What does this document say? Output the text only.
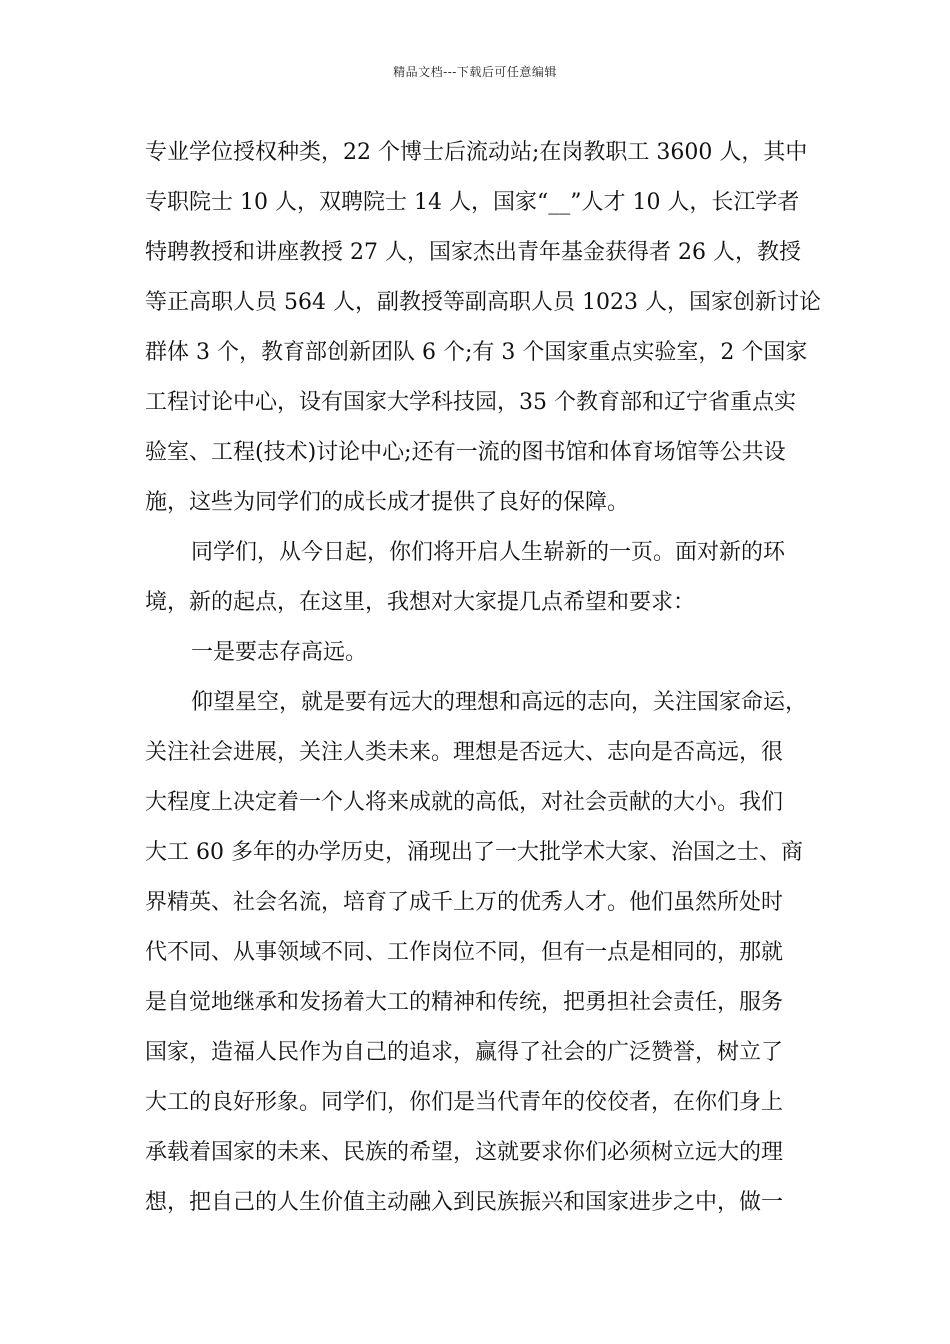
精品文档---下载后可任意编辑
专业学位授权种类，22 个博士后流动站;在岗教职工 3600 人，其中
专职院士 10 人，双聘院士 14 人，国家“__”人才 10 人，长江学者
特聘教授和讲座教授 27 人，国家杰出青年基金获得者 26 人，教授
等正高职人员 564 人，副教授等副高职人员 1023 人，国家创新讨论
群体 3 个，教育部创新团队 6 个;有 3 个国家重点实验室，2 个国家
工程讨论中心，设有国家大学科技园，35 个教育部和辽宁省重点实
验室、工程(技术)讨论中心;还有一流的图书馆和体育场馆等公共设
施，这些为同学们的成长成才提供了良好的保障。
同学们，从今日起，你们将开启人生崭新的一页。面对新的环
境，新的起点，在这里，我想对大家提几点希望和要求：
一是要志存高远。
仰望星空，就是要有远大的理想和高远的志向，关注国家命运，
关注社会进展，关注人类未来。理想是否远大、志向是否高远，很
大程度上决定着一个人将来成就的高低，对社会贡献的大小。我们
大工 60 多年的办学历史，涌现出了一大批学术大家、治国之士、商
界精英、社会名流，培育了成千上万的优秀人才。他们虽然所处时
代不同、从事领域不同、工作岗位不同，但有一点是相同的，那就
是自觉地继承和发扬着大工的精神和传统，把勇担社会责任，服务
国家，造福人民作为自己的追求，赢得了社会的广泛赞誉，树立了
大工的良好形象。同学们，你们是当代青年的佼佼者，在你们身上
承载着国家的未来、民族的希望，这就要求你们必须树立远大的理
想，把自己的人生价值主动融入到民族振兴和国家进步之中，做一
